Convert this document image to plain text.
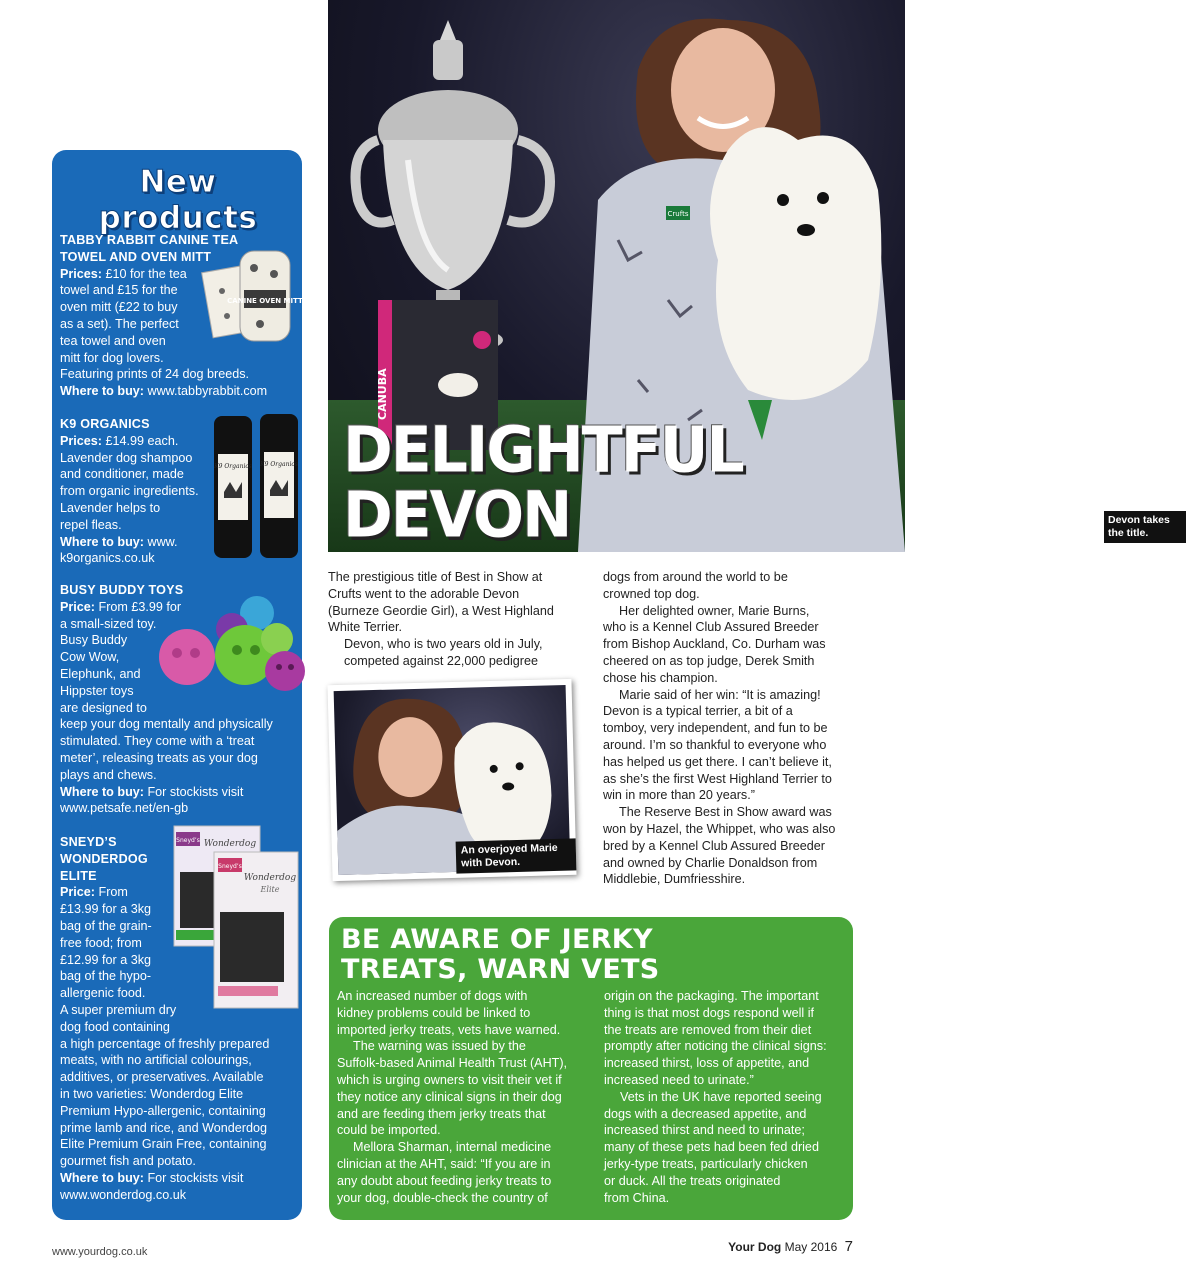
New products

TABBY RABBIT CANINE TEA

TOWEL AND OVEN MITT

Prices: £10 for the tea

towel and £15 for the

oven mitt (£22 to buy

as a set). The perfect

tea towel and oven

mitt for dog lovers.

Featuring prints of 24 dog breeds.

Where to buy: www.tabbyrabbit.com

CANINE OVEN MITT

K9 ORGANICS

Prices: £14.99 each.

Lavender dog shampoo

and conditioner, made

from organic ingredients.

Lavender helps to

repel fleas.

Where to buy: www.

k9organics.co.uk

K9 Organics K9 Organics

BUSY BUDDY TOYS

Price: From £3.99 for

a small-sized toy.

Busy Buddy

Cow Wow,

Elephunk, and

Hippster toys

are designed to

keep your dog mentally and physically

stimulated. They come with a ‘treat

meter’, releasing treats as your dog

plays and chews.

Where to buy: For stockists visit

www.petsafe.net/en-gb

SNEYD’S

WONDERDOG

ELITE

Price: From

£13.99 for a 3kg

bag of the grain-

free food; from

£12.99 for a 3kg

bag of the hypo-

allergenic food.

A super premium dry

dog food containing

a high percentage of freshly prepared

meats, with no artificial colourings,

additives, or preservatives. Available

in two varieties: Wonderdog Elite

Premium Hypo-allergenic, containing

prime lamb and rice, and Wonderdog

Elite Premium Grain Free, containing

gourmet fish and potato.

Where to buy: For stockists visit

www.wonderdog.co.uk

Sneyd’s Wonderdog
Sneyd’s
Wonderdog
Elite
CANUBA
Crufts
Devon takes
the title.
DELIGHTFUL
DEVON

The prestigious title of Best in Show at

Crufts went to the adorable Devon

(Burneze Geordie Girl), a West Highland

White Terrier.

Devon, who is two years old in July,

competed against 22,000 pedigree

An overjoyed Marie
with Devon.

dogs from around the world to be

crowned top dog.

Her delighted owner, Marie Burns,

who is a Kennel Club Assured Breeder

from Bishop Auckland, Co. Durham was

cheered on as top judge, Derek Smith

chose his champion.

Marie said of her win: “It is amazing!

Devon is a typical terrier, a bit of a

tomboy, very independent, and fun to be

around. I’m so thankful to everyone who

has helped us get there. I can’t believe it,

as she’s the first West Highland Terrier to

win in more than 20 years.”

The Reserve Best in Show award was

won by Hazel, the Whippet, who was also

bred by a Kennel Club Assured Breeder

and owned by Charlie Donaldson from

Middlebie, Dumfriesshire.

BE AWARE OF JERKY
TREATS, WARN VETS

An increased number of dogs with

kidney problems could be linked to

imported jerky treats, vets have warned.

The warning was issued by the

Suffolk-based Animal Health Trust (AHT),

which is urging owners to visit their vet if

they notice any clinical signs in their dog

and are feeding them jerky treats that

could be imported.

Mellora Sharman, internal medicine

clinician at the AHT, said: “If you are in

any doubt about feeding jerky treats to

your dog, double-check the country of

origin on the packaging. The important

thing is that most dogs respond well if

the treats are removed from their diet

promptly after noticing the clinical signs:

increased thirst, loss of appetite, and

increased need to urinate.”

Vets in the UK have reported seeing

dogs with a decreased appetite, and

increased thirst and need to urinate;

many of these pets had been fed dried

jerky-type treats, particularly chicken

or duck. All the treats originated

from China.

www.yourdog.co.uk	Your Dog May 2016 7
